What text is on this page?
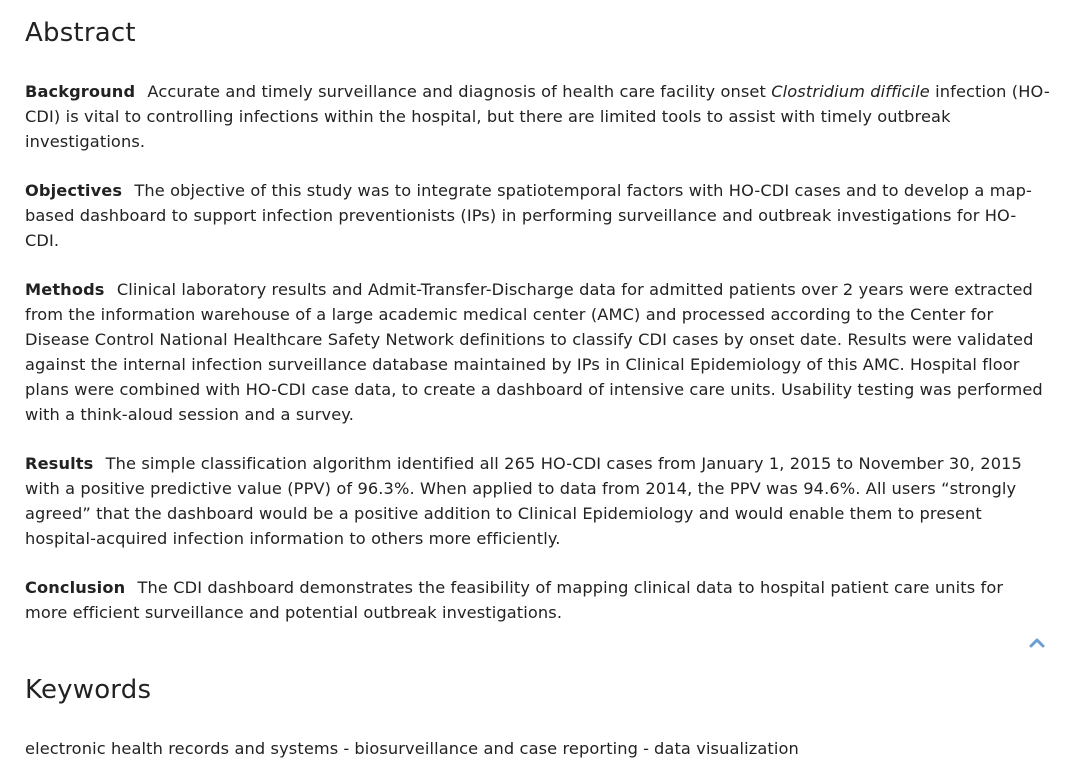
Abstract

Background Accurate and timely surveillance and diagnosis of health care facility onset Clostridium difficile infection (HO-CDI) is vital to controlling infections within the hospital, but there are limited tools to assist with timely outbreak investigations.

Objectives The objective of this study was to integrate spatiotemporal factors with HO-CDI cases and to develop a map-based dashboard to support infection preventionists (IPs) in performing surveillance and outbreak investigations for HO-CDI.

Methods Clinical laboratory results and Admit-Transfer-Discharge data for admitted patients over 2 years were extracted from the information warehouse of a large academic medical center (AMC) and processed according to the Center for Disease Control National Healthcare Safety Network definitions to classify CDI cases by onset date. Results were validated against the internal infection surveillance database maintained by IPs in Clinical Epidemiology of this AMC. Hospital floor plans were combined with HO-CDI case data, to create a dashboard of intensive care units. Usability testing was performed with a think-aloud session and a survey.

Results The simple classification algorithm identified all 265 HO-CDI cases from January 1, 2015 to November 30, 2015 with a positive predictive value (PPV) of 96.3%. When applied to data from 2014, the PPV was 94.6%. All users “strongly agreed” that the dashboard would be a positive addition to Clinical Epidemiology and would enable them to present hospital-acquired infection information to others more efficiently.

Conclusion The CDI dashboard demonstrates the feasibility of mapping clinical data to hospital patient care units for more efficient surveillance and potential outbreak investigations.

Keywords
electronic health records and systems - biosurveillance and case reporting - data visualization
